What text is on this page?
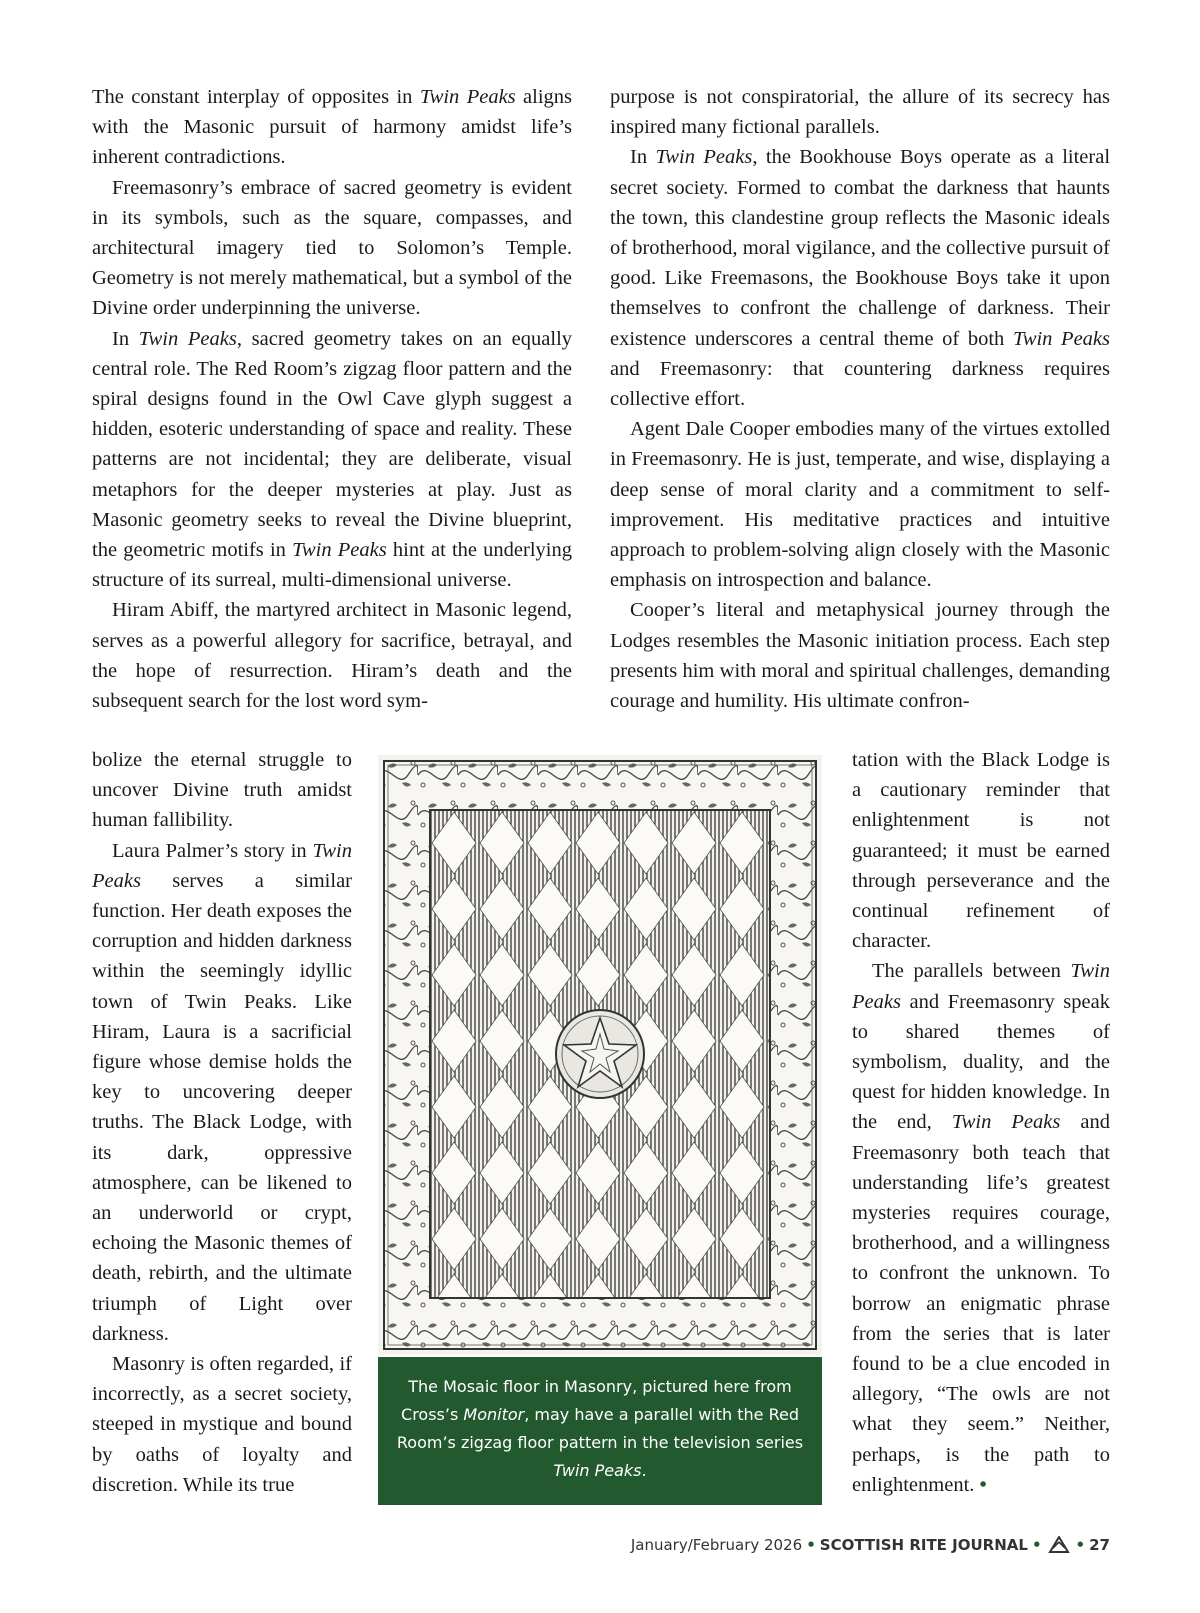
The constant interplay of opposites in Twin Peaks aligns with the Masonic pursuit of harmony amidst life’s inherent contradictions.

Freemasonry’s embrace of sacred geometry is evident in its symbols, such as the square, compasses, and architectural imagery tied to Solomon’s Temple. Geometry is not merely mathematical, but a symbol of the Divine order underpinning the universe.

In Twin Peaks, sacred geometry takes on an equally central role. The Red Room’s zigzag floor pattern and the spiral designs found in the Owl Cave glyph suggest a hidden, esoteric understanding of space and reality. These patterns are not incidental; they are deliberate, visual metaphors for the deeper mysteries at play. Just as Masonic geometry seeks to reveal the Divine blueprint, the geometric motifs in Twin Peaks hint at the underlying structure of its surreal, multi-dimensional universe.

Hiram Abiff, the martyred architect in Masonic legend, serves as a powerful allegory for sacrifice, betrayal, and the hope of resurrection. Hiram’s death and the subsequent search for the lost word sym-

bolize the eternal struggle to uncover Divine truth amidst human fallibility.

Laura Palmer’s story in Twin Peaks serves a similar function. Her death exposes the corruption and hidden darkness within the seemingly idyllic town of Twin Peaks. Like Hiram, Laura is a sacrificial figure whose demise holds the key to uncovering deeper truths. The Black Lodge, with its dark, oppressive atmosphere, can be likened to an underworld or crypt, echoing the Masonic themes of death, rebirth, and the ultimate triumph of Light over darkness.

Masonry is often regarded, if incorrectly, as a secret society, steeped in mystique and bound by oaths of loyalty and discretion. While its true

purpose is not conspiratorial, the allure of its secrecy has inspired many fictional parallels.

In Twin Peaks, the Bookhouse Boys operate as a literal secret society. Formed to combat the darkness that haunts the town, this clandestine group reflects the Masonic ideals of brotherhood, moral vigilance, and the collective pursuit of good. Like Freemasons, the Bookhouse Boys take it upon themselves to confront the challenge of darkness. Their existence underscores a central theme of both Twin Peaks and Freemasonry: that countering darkness requires collective effort.

Agent Dale Cooper embodies many of the virtues extolled in Freemasonry. He is just, temperate, and wise, displaying a deep sense of moral clarity and a commitment to self-improvement. His meditative practices and intuitive approach to problem-solving align closely with the Masonic emphasis on introspection and balance.

Cooper’s literal and metaphysical journey through the Lodges resembles the Masonic initiation process. Each step presents him with moral and spiritual challenges, demanding courage and humility. His ultimate confron-

tation with the Black Lodge is a cautionary reminder that enlightenment is not guaranteed; it must be earned through perseverance and the continual refinement of character.

The parallels between Twin Peaks and Freemasonry speak to shared themes of symbolism, duality, and the quest for hidden knowledge. In the end, Twin Peaks and Freemasonry both teach that understanding life’s greatest mysteries requires courage, brotherhood, and a willingness to confront the unknown. To borrow an enigmatic phrase from the series that is later found to be a clue encoded in allegory, “The owls are not what they seem.” Neither, perhaps, is the path to enlightenment. •

The Mosaic floor in Masonry, pictured here from Cross’s Monitor, may have a parallel with the Red Room’s zigzag floor pattern in the television series Twin Peaks.
January/February 2026 • SCOTTISH RITE JOURNAL • • 27
